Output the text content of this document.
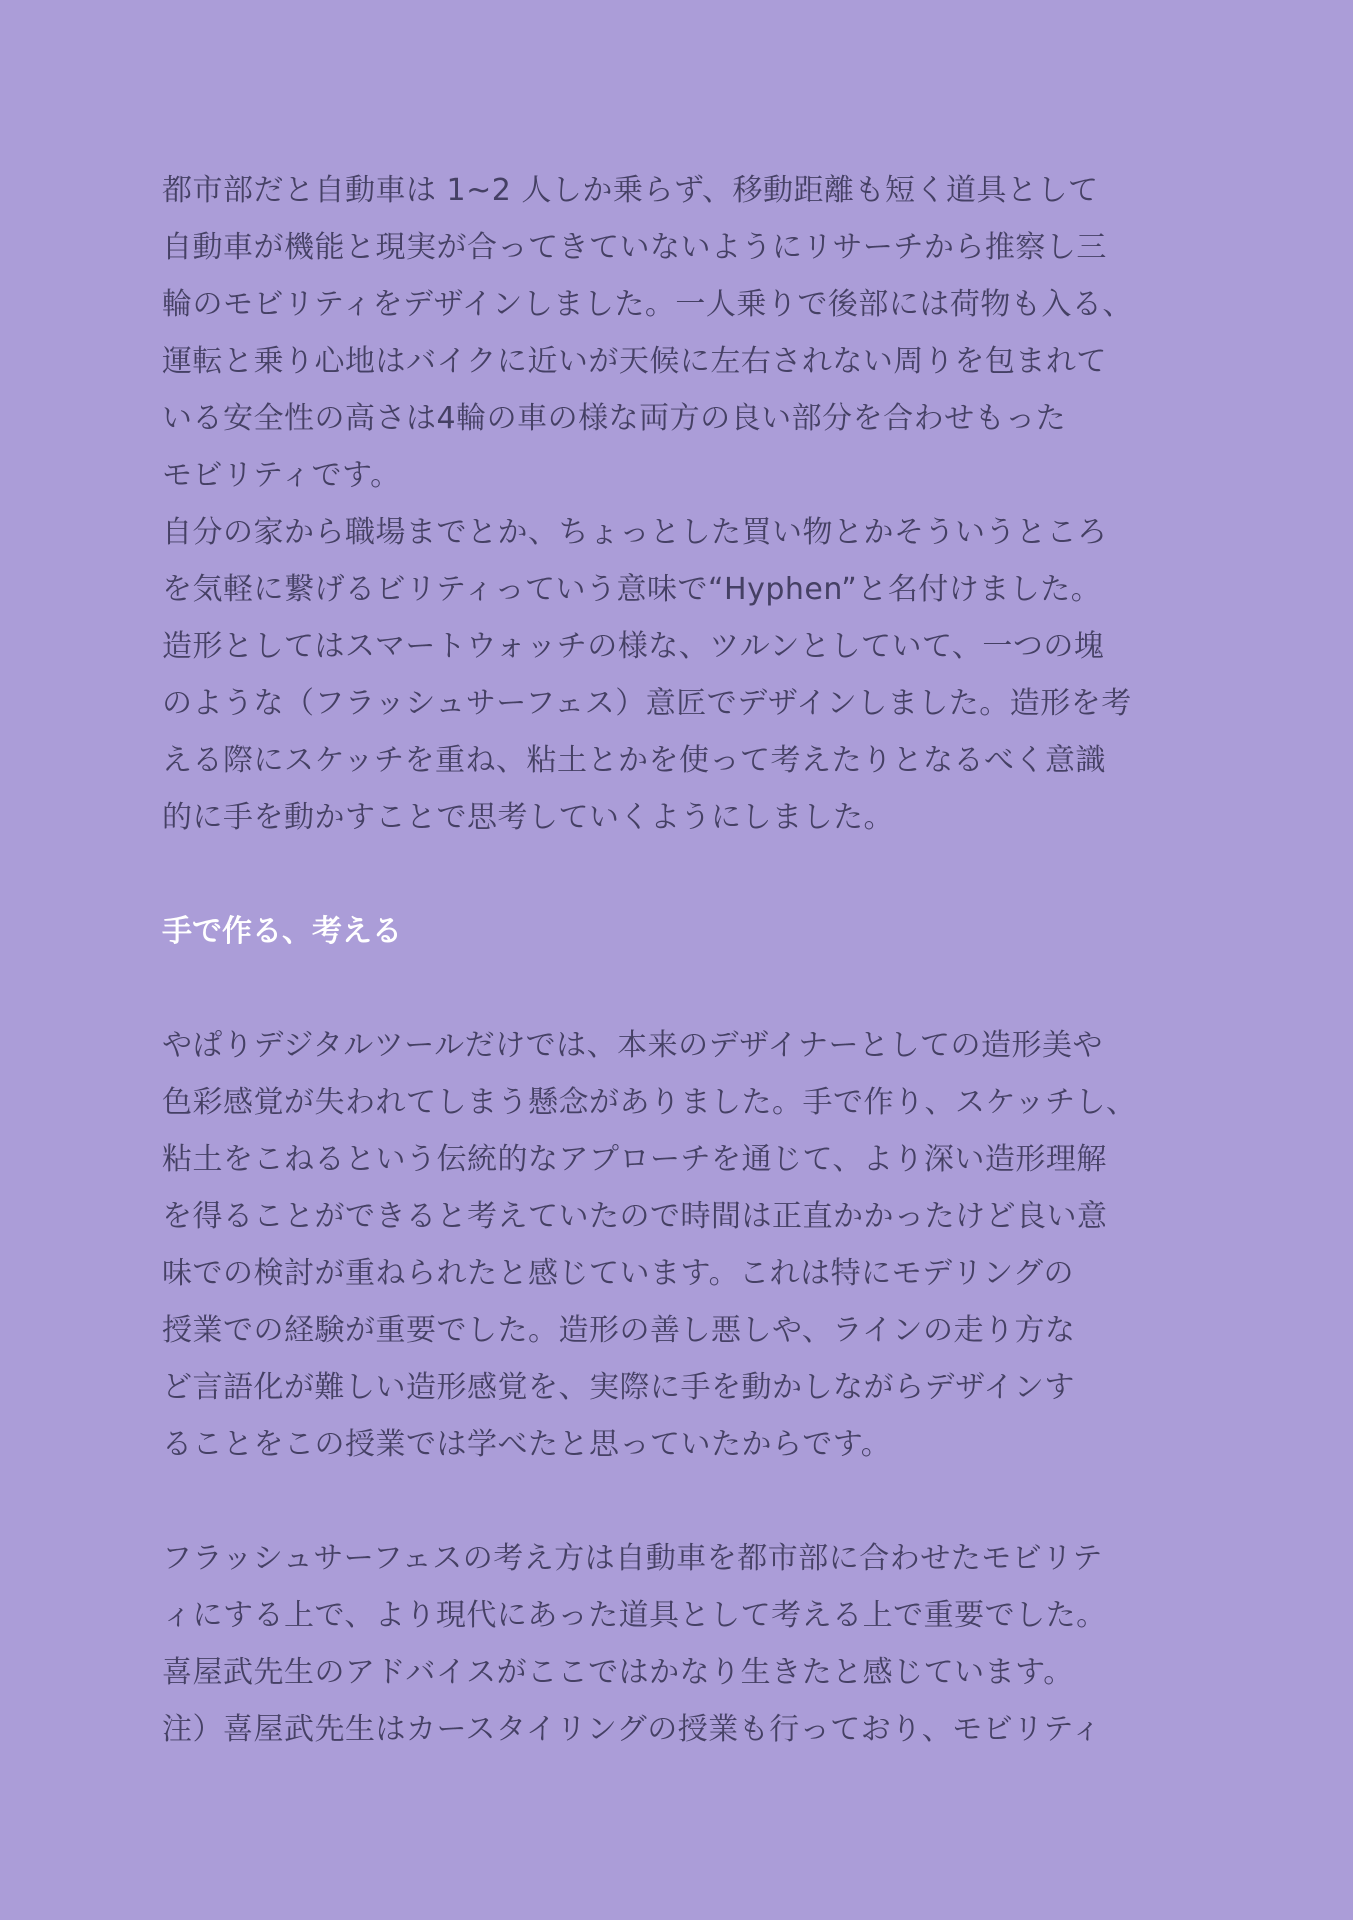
都市部だと自動車は 1~2 人しか乗らず、移動距離も短く道具として

自動車が機能と現実が合ってきていないようにリサーチから推察し三

輪のモビリティをデザインしました。一人乗りで後部には荷物も入る、

運転と乗り心地はバイクに近いが天候に左右されない周りを包まれて

いる安全性の高さは4輪の車の様な両方の良い部分を合わせもった

モビリティです。

自分の家から職場までとか、ちょっとした買い物とかそういうところ

を気軽に繋げるビリティっていう意味で“Hyphen”と名付けました。

造形としてはスマートウォッチの様な、ツルンとしていて、一つの塊

のような（フラッシュサーフェス）意匠でデザインしました。造形を考

える際にスケッチを重ね、粘土とかを使って考えたりとなるべく意識

的に手を動かすことで思考していくようにしました。

手で作る、考える

やぱりデジタルツールだけでは、本来のデザイナーとしての造形美や

色彩感覚が失われてしまう懸念がありました。手で作り、スケッチし、

粘土をこねるという伝統的なアプローチを通じて、より深い造形理解

を得ることができると考えていたので時間は正直かかったけど良い意

味での検討が重ねられたと感じています。これは特にモデリングの

授業での経験が重要でした。造形の善し悪しや、ラインの走り方な

ど言語化が難しい造形感覚を、実際に手を動かしながらデザインす

ることをこの授業では学べたと思っていたからです。

フラッシュサーフェスの考え方は自動車を都市部に合わせたモビリテ

ィにする上で、より現代にあった道具として考える上で重要でした。

喜屋武先生のアドバイスがここではかなり生きたと感じています。

注）喜屋武先生はカースタイリングの授業も行っており、モビリティ
